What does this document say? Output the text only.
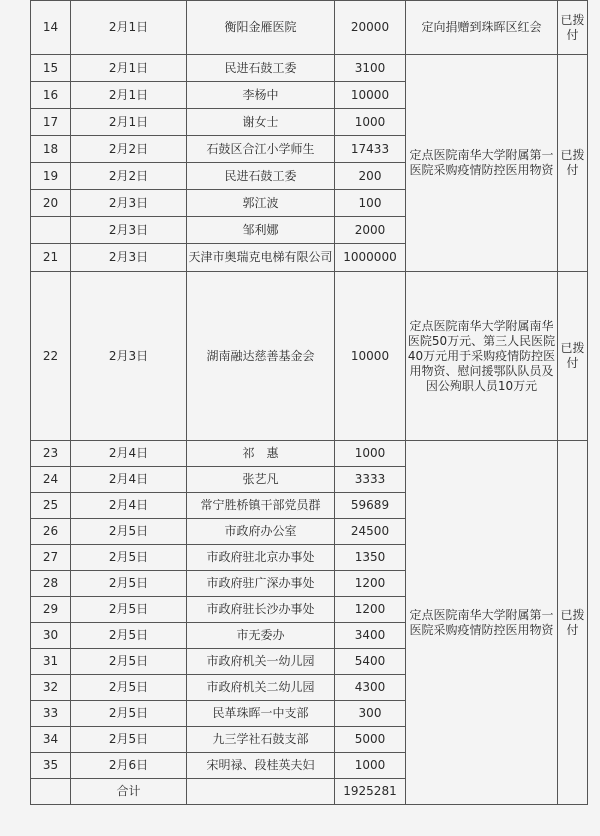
14	2月1日	衡阳金雁医院	20000	定向捐赠到珠晖区红会	已拨付	
15	2月1日	民进石鼓工委	3100	定点医院南华大学附属第一医院采购疫情防控医用物资	已拨付	
16	2月1日	李杨中	10000			
17	2月1日	谢女士	1000			
18	2月2日	石鼓区合江小学师生	17433			
19	2月2日	民进石鼓工委	200			
20	2月3日	郭江波	100			
	2月3日	邹利娜	2000			
21	2月3日	天津市奥瑞克电梯有限公司	1000000			
22	2月3日	湖南融达慈善基金会	10000	定点医院南华大学附属南华医院50万元、第三人民医院40万元用于采购疫情防控医用物资、慰问援鄂队队员及因公殉职人员10万元	已拨付	
23	2月4日	祁　惠	1000	定点医院南华大学附属第一医院采购疫情防控医用物资	已拨付	
24	2月4日	张艺凡	3333			
25	2月4日	常宁胜桥镇干部党员群	59689			
26	2月5日	市政府办公室	24500			
27	2月5日	市政府驻北京办事处	1350			
28	2月5日	市政府驻广深办事处	1200			
29	2月5日	市政府驻长沙办事处	1200			
30	2月5日	市无委办	3400			
31	2月5日	市政府机关一幼儿园	5400			
32	2月5日	市政府机关二幼儿园	4300			
33	2月5日	民革珠晖一中支部	300			
34	2月5日	九三学社石鼓支部	5000			
35	2月6日	宋明禄、段桂英夫妇	1000			
	合计		1925281			
